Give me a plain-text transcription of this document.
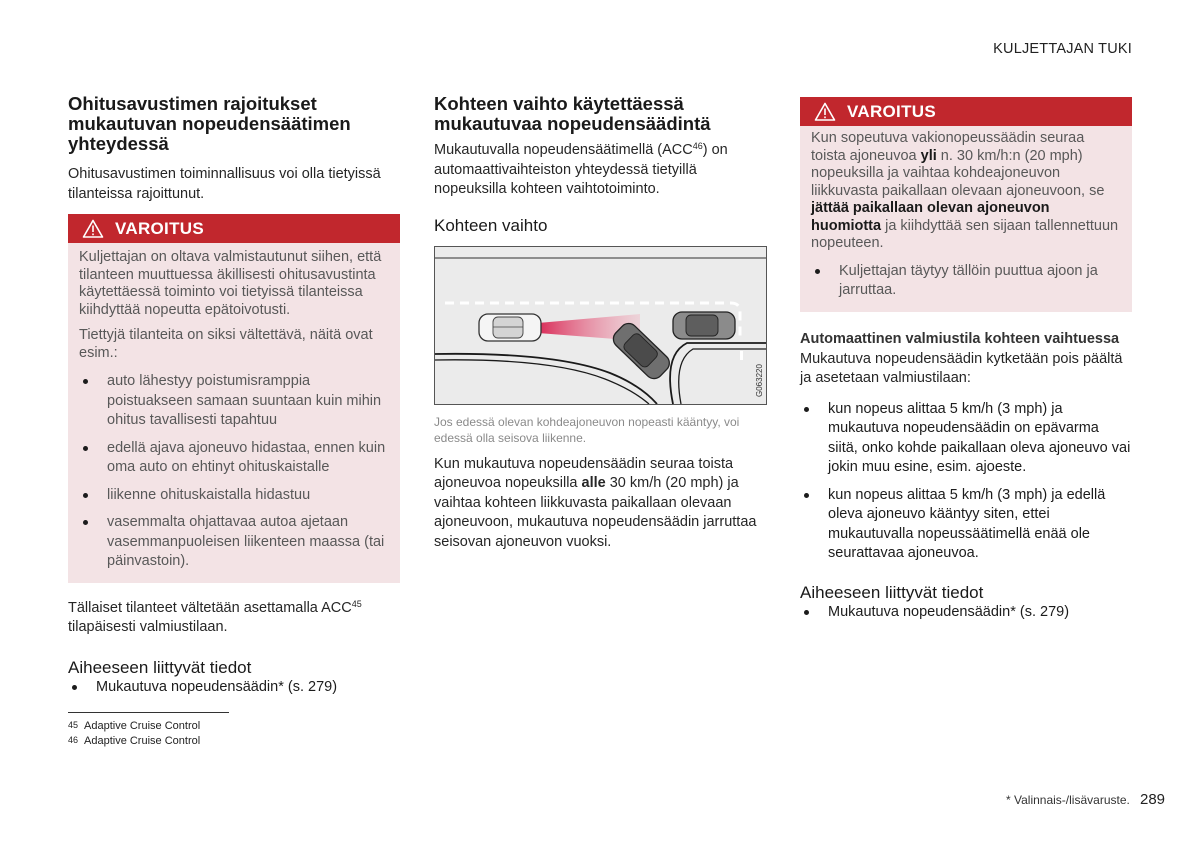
KULJETTAJAN TUKI
Ohitusavustimen rajoitukset mukautuvan nopeudensäätimen yhteydessä

Ohitusavustimen toiminnallisuus voi olla tietyissä tilanteissa rajoittunut.

VAROITUS

Kuljettajan on oltava valmistautunut siihen, että tilanteen muuttuessa äkillisesti ohitusavustinta käytettäessä toiminto voi tietyissä tilanteissa kiihdyttää nopeutta epätoivotusti.

Tiettyjä tilanteita on siksi vältettävä, näitä ovat esim.:

auto lähestyy poistumisramppia poistuakseen samaan suuntaan kuin mihin ohitus tavallisesti tapahtuu
edellä ajava ajoneuvo hidastaa, ennen kuin oma auto on ehtinyt ohituskaistalle
liikenne ohituskaistalla hidastuu
vasemmalta ohjattavaa autoa ajetaan vasemmanpuoleisen liikenteen maassa (tai päinvastoin).

Tällaiset tilanteet vältetään asettamalla ACC$^{45}$ tilapäisesti valmiustilaan.

Aiheeseen liittyvät tiedot
Mukautuva nopeudensäädin* (s. 279)
Kohteen vaihto käytettäessä mukautuvaa nopeudensäädintä

Mukautuvalla nopeudensäätimellä (ACC$^{46}$) on automaattivaihteiston yhteydessä tietyillä nopeuksilla kohteen vaihtotoiminto.

Kohteen vaihto
G063220

Jos edessä olevan kohdeajoneuvon nopeasti kääntyy, voi edessä olla seisova liikenne.

Kun mukautuva nopeudensäädin seuraa toista ajoneuvoa nopeuksilla alle 30 km/h (20 mph) ja vaihtaa kohteen liikkuvasta paikallaan olevaan ajoneuvoon, mukautuva nopeudensäädin jarruttaa seisovan ajoneuvon vuoksi.

VAROITUS

Kun sopeutuva vakionopeussäädin seuraa toista ajoneuvoa yli n. 30 km/h:n (20 mph) nopeuksilla ja vaihtaa kohdeajoneuvon liikkuvasta paikallaan olevaan ajoneuvoon, se jättää paikallaan olevan ajoneuvon huomiotta ja kiihdyttää sen sijaan tallennettuun nopeuteen.

Kuljettajan täytyy tällöin puuttua ajoon ja jarruttaa.
Automaattinen valmiustila kohteen vaihtuessa

Mukautuva nopeudensäädin kytketään pois päältä ja asetetaan valmiustilaan:

kun nopeus alittaa 5 km/h (3 mph) ja mukautuva nopeudensäädin on epävarma siitä, onko kohde paikallaan oleva ajoneuvo vai jokin muu esine, esim. ajoeste.
kun nopeus alittaa 5 km/h (3 mph) ja edellä oleva ajoneuvo kääntyy siten, ettei mukautuvalla nopeussäätimellä enää ole seurattavaa ajoneuvoa.
Aiheeseen liittyvät tiedot
Mukautuva nopeudensäädin* (s. 279)
45 Adaptive Cruise Control
46 Adaptive Cruise Control
* Valinnais-/lisävaruste. 289
